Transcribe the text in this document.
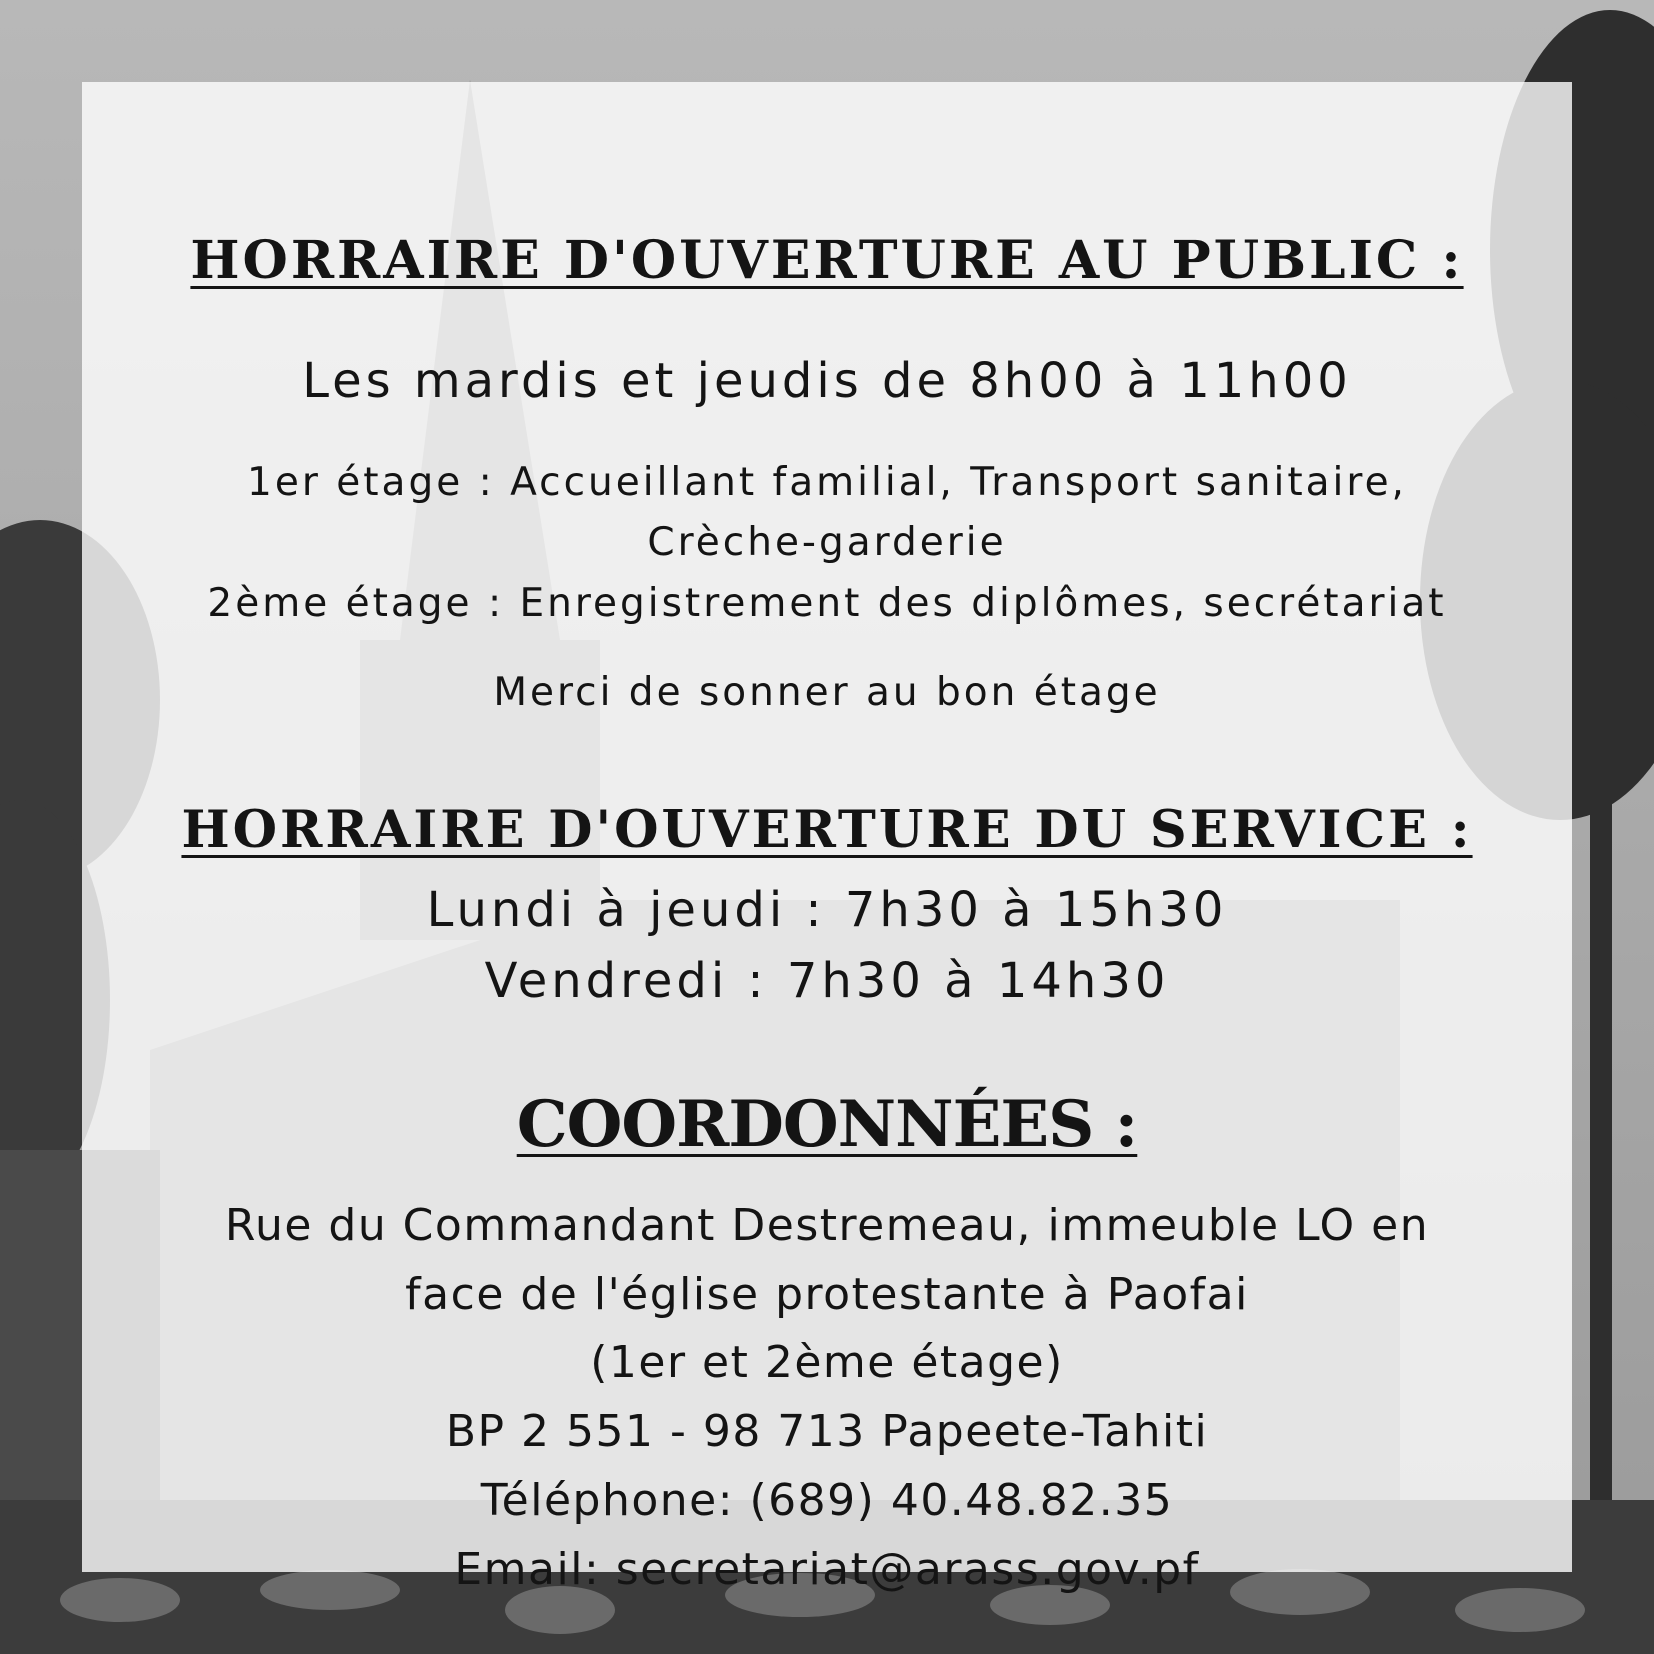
HORRAIRE D'OUVERTURE AU PUBLIC :
Les mardis et jeudis de 8h00 à 11h00
1er étage : Accueillant familial, Transport sanitaire,
Crèche-garderie
2ème étage : Enregistrement des diplômes, secrétariat
Merci de sonner au bon étage
HORRAIRE D'OUVERTURE DU SERVICE :
Lundi à jeudi : 7h30 à 15h30
Vendredi : 7h30 à 14h30
COORDONNÉES :
Rue du Commandant Destremeau, immeuble LO en
face de l'église protestante à Paofai
(1er et 2ème étage)
BP 2 551 - 98 713 Papeete-Tahiti
Téléphone: (689) 40.48.82.35
Email: secretariat@arass.gov.pf
